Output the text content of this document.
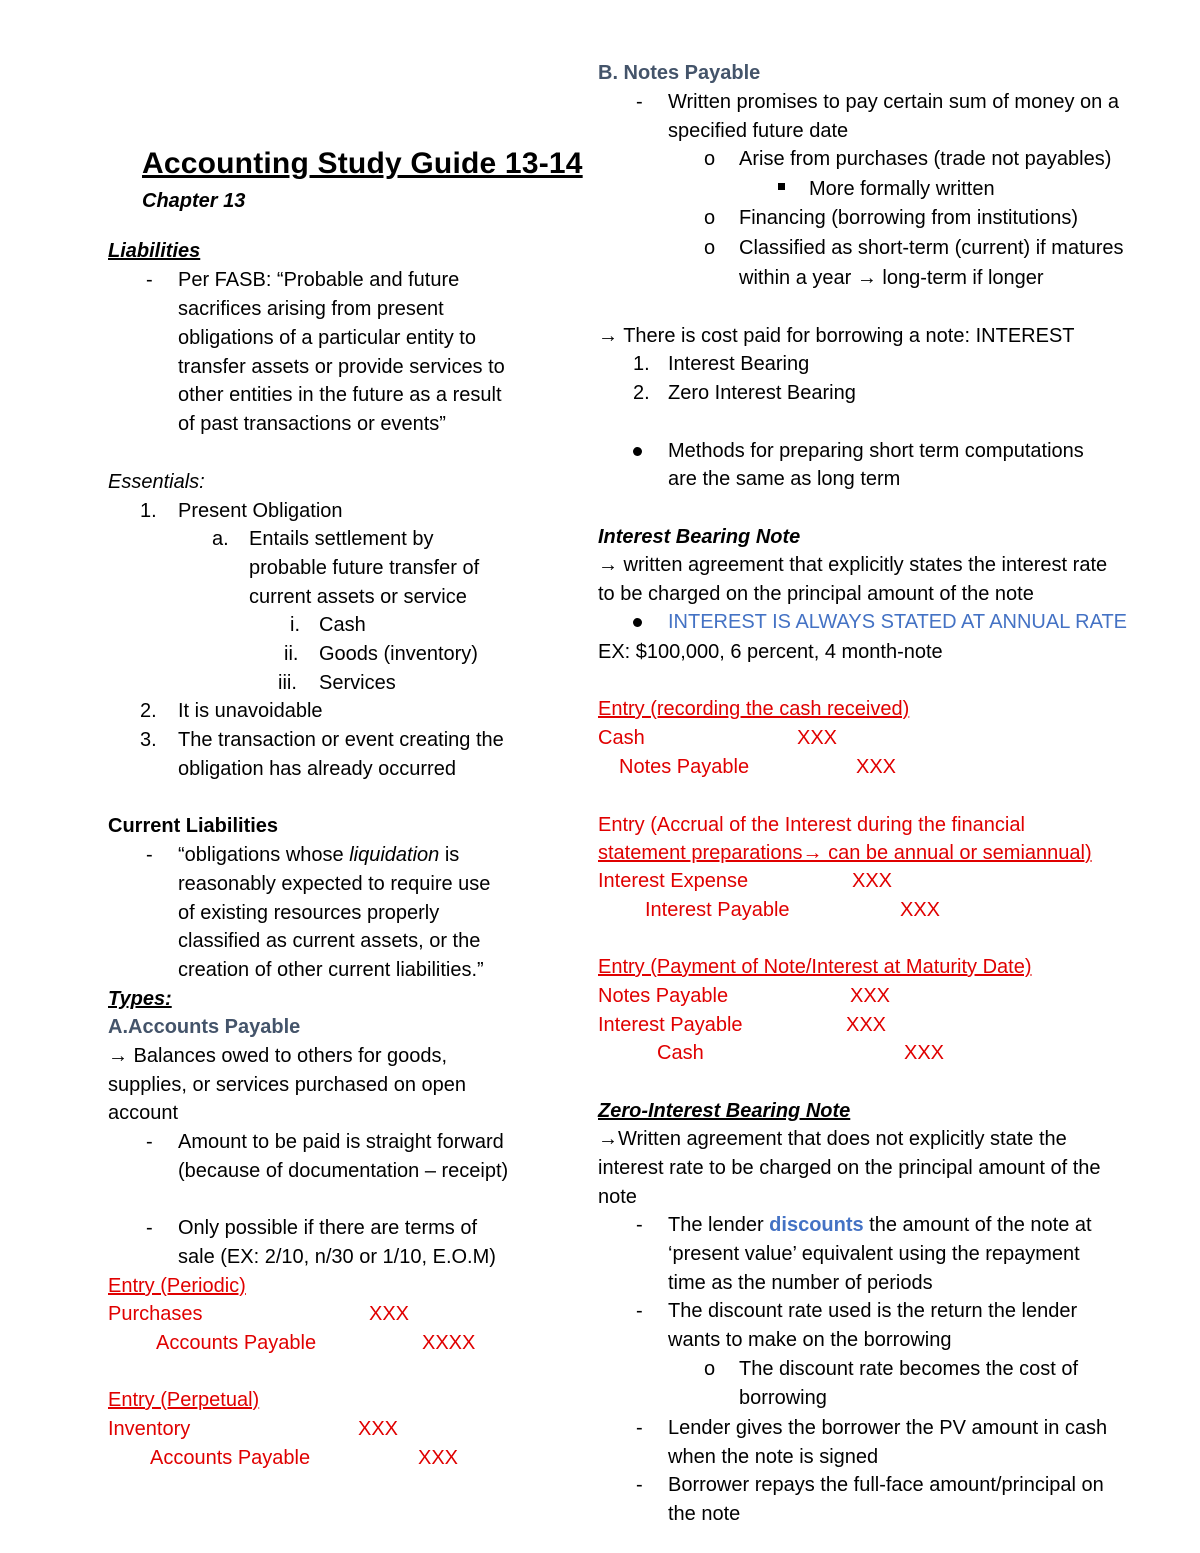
Accounting Study Guide 13-14
Chapter 13
Liabilities
- Per FASB: “Probable and future
sacrifices arising from present
obligations of a particular entity to
transfer assets or provide services to
other entities in the future as a result
of past transactions or events”
Essentials:
1. Present Obligation
a. Entails settlement by
probable future transfer of
current assets or service
i. Cash
ii. Goods (inventory)
iii. Services
2. It is unavoidable
3. The transaction or event creating the
obligation has already occurred
Current Liabilities
- “obligations whose liquidation is
reasonably expected to require use
of existing resources properly
classified as current assets, or the
creation of other current liabilities.”
Types:
A.Accounts Payable
→ Balances owed to others for goods,
supplies, or services purchased on open
account
- Amount to be paid is straight forward
(because of documentation – receipt)
- Only possible if there are terms of
sale (EX: 2/10, n/30 or 1/10, E.O.M)
Entry (Periodic)
Purchases	XXX
Accounts Payable	XXXX
Entry (Perpetual)
Inventory	XXX
Accounts Payable	XXX
B. Notes Payable
- Written promises to pay certain sum of money on a
specified future date
o Arise from purchases (trade not payables)
More formally written
o Financing (borrowing from institutions)
o Classified as short-term (current) if matures
within a year → long-term if longer
→ There is cost paid for borrowing a note: INTEREST
1. Interest Bearing
2. Zero Interest Bearing
Methods for preparing short term computations
are the same as long term
Interest Bearing Note
→ written agreement that explicitly states the interest rate
to be charged on the principal amount of the note
INTEREST IS ALWAYS STATED AT ANNUAL RATE
EX: $100,000, 6 percent, 4 month-note
Entry (recording the cash received)
Cash	XXX
Notes Payable	XXX
Entry (Accrual of the Interest during the financial
statement preparations→ can be annual or semiannual)
Interest Expense	XXX
Interest Payable	XXX
Entry (Payment of Note/Interest at Maturity Date)
Notes Payable	XXX
Interest Payable	XXX
Cash	XXX
Zero-Interest Bearing Note
→Written agreement that does not explicitly state the
interest rate to be charged on the principal amount of the
note
- The lender discounts the amount of the note at
‘present value’ equivalent using the repayment
time as the number of periods
- The discount rate used is the return the lender
wants to make on the borrowing
o The discount rate becomes the cost of
borrowing
- Lender gives the borrower the PV amount in cash
when the note is signed
- Borrower repays the full-face amount/principal on
the note
